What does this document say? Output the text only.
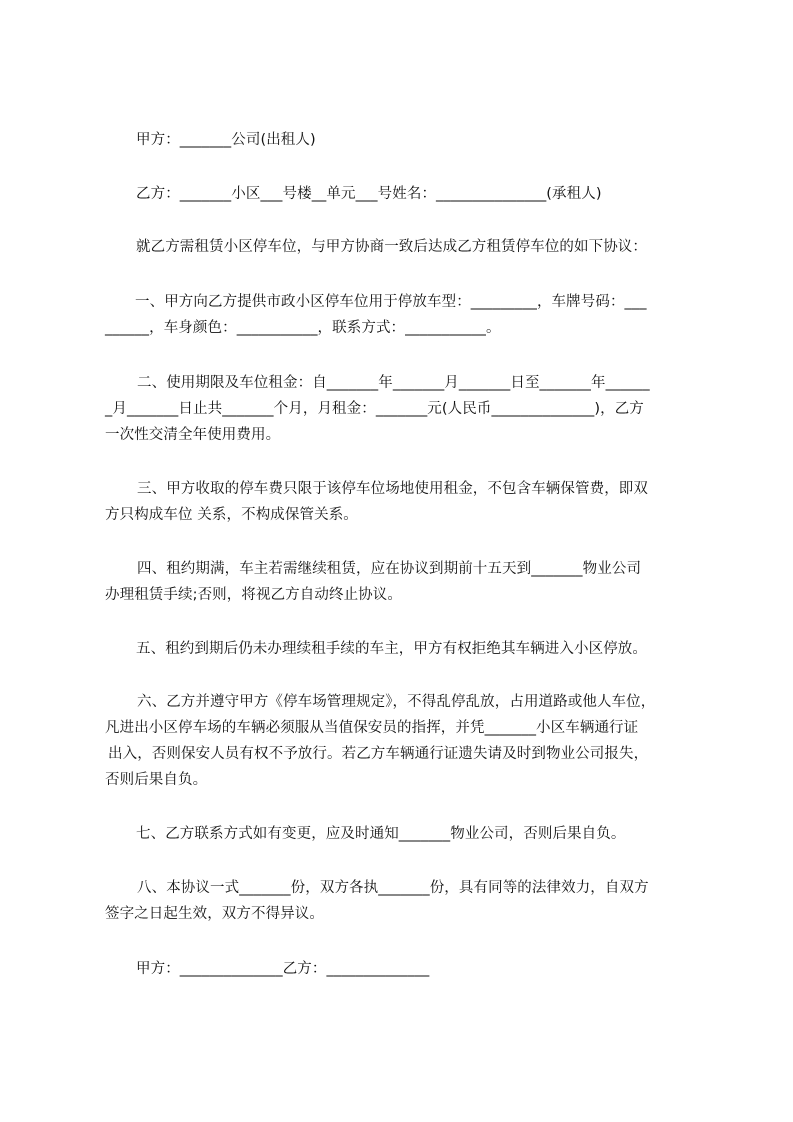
甲方：_______公司(出租人)

乙方：_______小区___号楼__单元___号姓名：_______________(承租人)

就乙方需租赁小区停车位，与甲方协商一致后达成乙方租赁停车位的如下协议：

一、甲方向乙方提供市政小区停车位用于停放车型：_________，车牌号码：___
______，车身颜色：___________，联系方式：___________。
二、使用期限及车位租金：自_______年_______月_______日至_______年______
_月_______日止共_______个月，月租金：_______元(人民币______________)，乙方
一次性交清全年使用费用。
三、甲方收取的停车费只限于该停车位场地使用租金，不包含车辆保管费，即双
方只构成车位 关系，不构成保管关系。
四、租约期满，车主若需继续租赁，应在协议到期前十五天到_______物业公司
办理租赁手续;否则，将视乙方自动终止协议。

五、租约到期后仍未办理续租手续的车主，甲方有权拒绝其车辆进入小区停放。

六、乙方并遵守甲方《停车场管理规定》，不得乱停乱放，占用道路或他人车位，
凡进出小区停车场的车辆必须服从当值保安员的指挥，并凭_______小区车辆通行证
出入，否则保安人员有权不予放行。若乙方车辆通行证遗失请及时到物业公司报失，
否则后果自负。

七、乙方联系方式如有变更，应及时通知_______物业公司，否则后果自负。

八、本协议一式_______份，双方各执_______份，具有同等的法律效力，自双方
签字之日起生效，双方不得异议。

甲方：______________乙方：______________
